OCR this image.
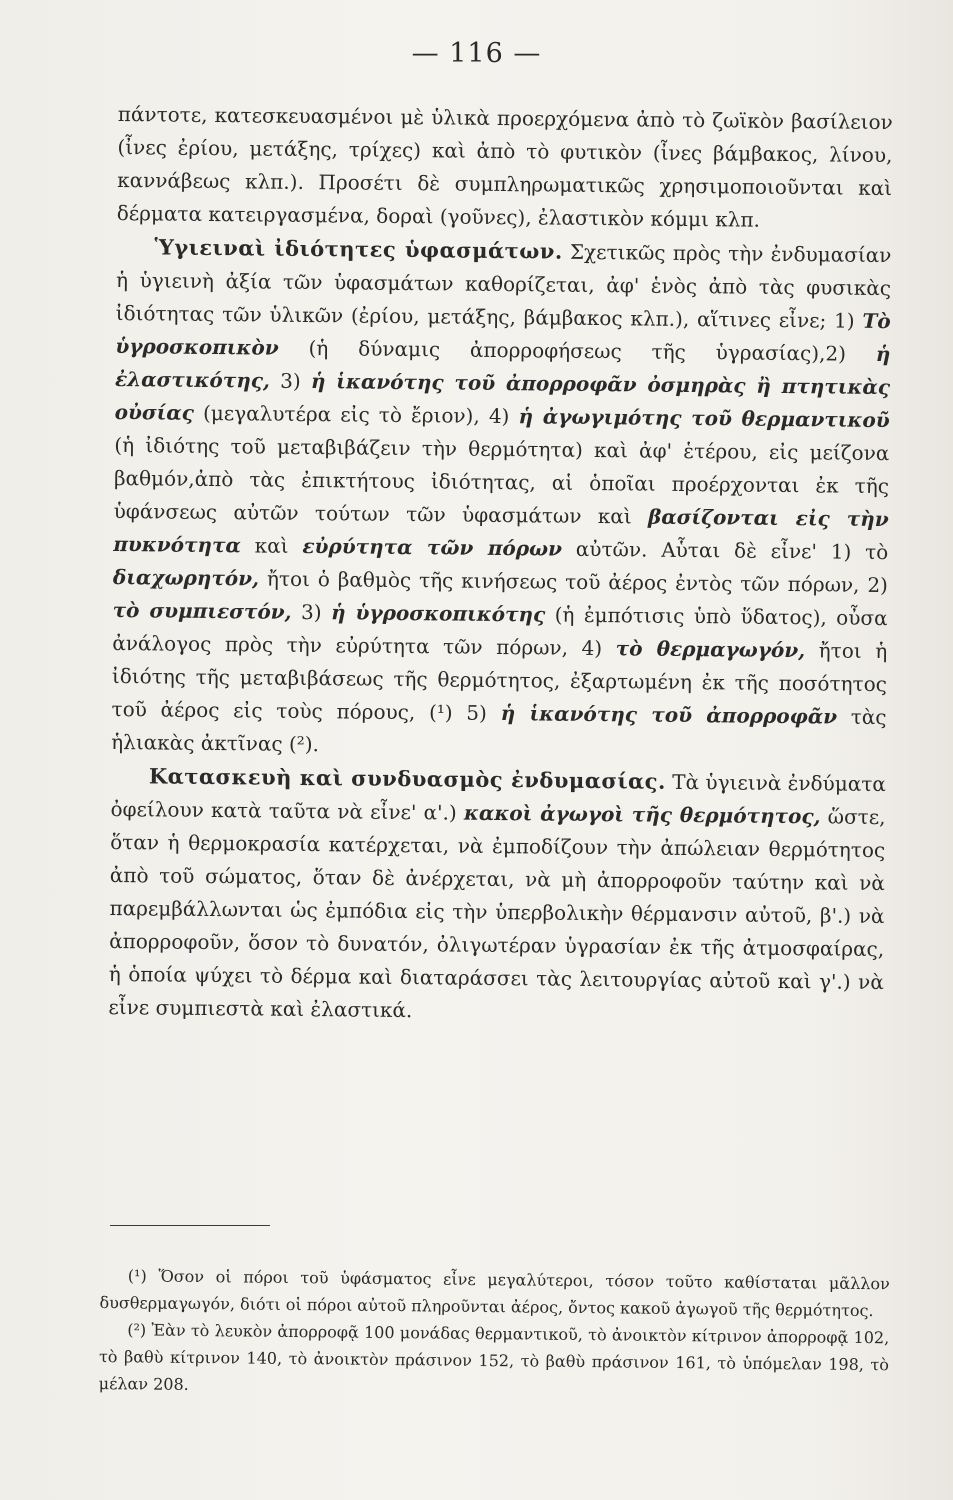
— 116 —

πάντοτε, κατεσκευασμένοι μὲ ὑλικὰ προερχόμενα ἀπὸ τὸ ζωϊκὸν βασίλειον (ἶνες ἐρίου, μετάξης, τρίχες) καὶ ἀπὸ τὸ φυτικὸν (ἶνες βάμβακος, λίνου, καννάβεως κλπ.). Προσέτι δὲ συμπληρωματικῶς χρησιμοποιοῦνται καὶ δέρματα κατειργασμένα, δοραὶ (γοῦνες), ἐλαστικὸν κόμμι κλπ.

Ὑγιειναὶ ἰδιότητες ὑφασμάτων. Σχετικῶς πρὸς τὴν ἐνδυμασίαν ἡ ὑγιεινὴ ἀξία τῶν ὑφασμάτων καθορίζεται, ἀφ' ἑνὸς ἀπὸ τὰς φυσικὰς ἰδιότητας τῶν ὑλικῶν (ἐρίου, μετάξης, βάμβακος κλπ.), αἵτινες εἶνε; 1) Τὸ ὑγροσκοπικὸν (ἡ δύναμις ἀπορροφήσεως τῆς ὑγρασίας),2) ἡ ἐλαστικότης, 3) ἡ ἱκανότης τοῦ ἀπορροφᾶν ὀσμηρὰς ἢ πτητικὰς οὐσίας (μεγαλυτέρα εἰς τὸ ἔριον), 4) ἡ ἀγωγιμότης τοῦ θερμαντικοῦ (ἡ ἰδιότης τοῦ μεταβιβάζειν τὴν θερμότητα) καὶ ἀφ' ἑτέρου, εἰς μείζονα βαθμόν,ἀπὸ τὰς ἐπικτήτους ἰδιότητας, αἱ ὁποῖαι προέρχονται ἐκ τῆς ὑφάνσεως αὐτῶν τούτων τῶν ὑφασμάτων καὶ βασίζονται εἰς τὴν πυκνότητα καὶ εὐρύτητα τῶν πόρων αὐτῶν. Αὗται δὲ εἶνε' 1) τὸ διαχωρητόν, ἤτοι ὁ βαθμὸς τῆς κινήσεως τοῦ ἀέρος ἐντὸς τῶν πόρων, 2) τὸ συμπιεστόν, 3) ἡ ὑγροσκοπικότης (ἡ ἐμπότισις ὑπὸ ὕδατος), οὖσα ἀνάλογος πρὸς τὴν εὐρύτητα τῶν πόρων, 4) τὸ θερμαγωγόν, ἤτοι ἡ ἰδιότης τῆς μεταβιβάσεως τῆς θερμότητος, ἐξαρτωμένη ἐκ τῆς ποσότητος τοῦ ἀέρος εἰς τοὺς πόρους, (¹) 5) ἡ ἱκανότης τοῦ ἀπορροφᾶν τὰς ἡλιακὰς ἀκτῖνας (²).

Κατασκευὴ καὶ συνδυασμὸς ἐνδυμασίας. Τὰ ὑγιεινὰ ἐνδύματα ὀφείλουν κατὰ ταῦτα νὰ εἶνε' α'.) κακοὶ ἀγωγοὶ τῆς θερμότητος, ὥστε, ὅταν ἡ θερμοκρασία κατέρχεται, νὰ ἐμποδίζουν τὴν ἀπώλειαν θερμότητος ἀπὸ τοῦ σώματος, ὅταν δὲ ἀνέρχεται, νὰ μὴ ἀπορροφοῦν ταύτην καὶ νὰ παρεμβάλλωνται ὡς ἐμπόδια εἰς τὴν ὑπερβολικὴν θέρμανσιν αὐτοῦ, β'.) νὰ ἀπορροφοῦν, ὅσον τὸ δυνατόν, ὀλιγωτέραν ὑγρασίαν ἐκ τῆς ἀτμοσφαίρας, ἡ ὁποία ψύχει τὸ δέρμα καὶ διαταράσσει τὰς λειτουργίας αὐτοῦ καὶ γ'.) νὰ εἶνε συμπιεστὰ καὶ ἐλαστικά.

(¹) Ὅσον οἱ πόροι τοῦ ὑφάσματος εἶνε μεγαλύτεροι, τόσον τοῦτο καθίσταται μᾶλλον δυσθερμαγωγόν, διότι οἱ πόροι αὐτοῦ πληροῦνται ἀέρος, ὄντος κακοῦ ἀγωγοῦ τῆς θερμότητος.

(²) Ἐὰν τὸ λευκὸν ἀπορροφᾷ 100 μονάδας θερμαντικοῦ, τὸ ἀνοικτὸν κίτρινον ἀπορροφᾷ 102, τὸ βαθὺ κίτρινον 140, τὸ ἀνοικτὸν πράσινον 152, τὸ βαθὺ πράσινον 161, τὸ ὑπόμελαν 198, τὸ μέλαν 208.
